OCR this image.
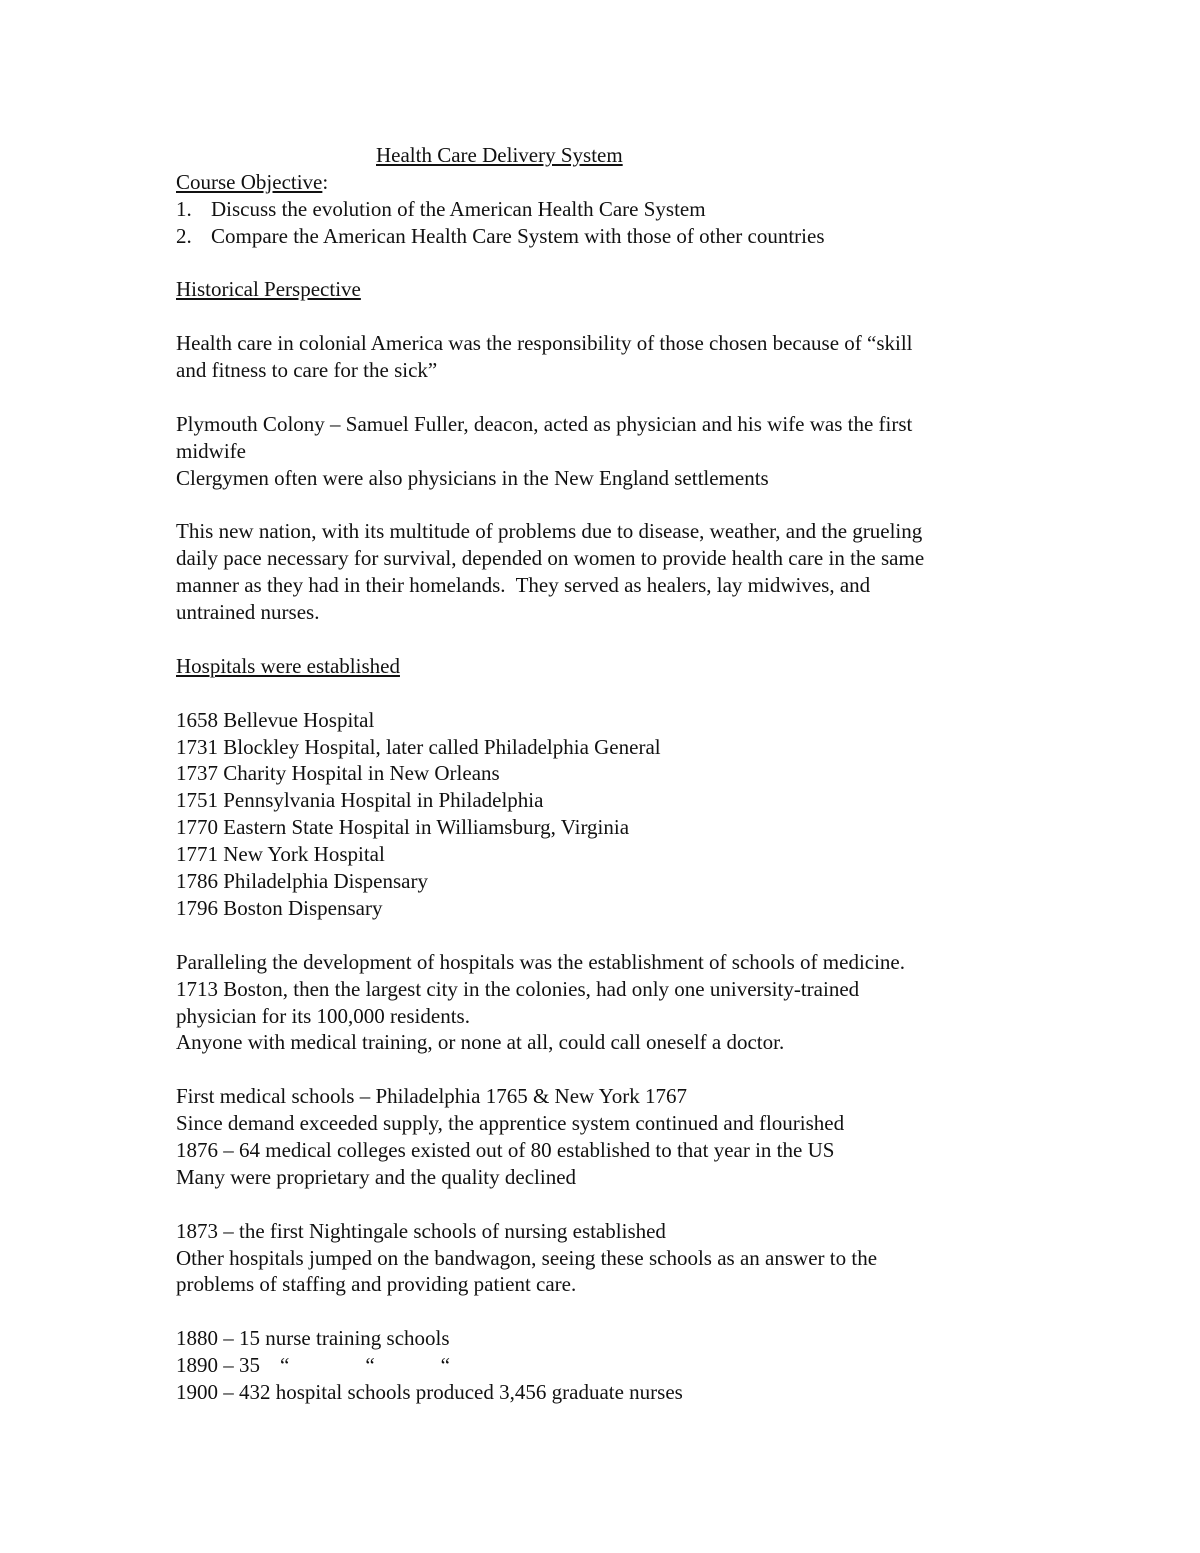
Health Care Delivery System
Course Objective:
1. Discuss the evolution of the American Health Care System
2. Compare the American Health Care System with those of other countries
Historical Perspective
Health care in colonial America was the responsibility of those chosen because of “skill
and fitness to care for the sick”
Plymouth Colony – Samuel Fuller, deacon, acted as physician and his wife was the first
midwife
Clergymen often were also physicians in the New England settlements
This new nation, with its multitude of problems due to disease, weather, and the grueling
daily pace necessary for survival, depended on women to provide health care in the same
manner as they had in their homelands.  They served as healers, lay midwives, and
untrained nurses.
Hospitals were established
1658 Bellevue Hospital
1731 Blockley Hospital, later called Philadelphia General
1737 Charity Hospital in New Orleans
1751 Pennsylvania Hospital in Philadelphia
1770 Eastern State Hospital in Williamsburg, Virginia
1771 New York Hospital
1786 Philadelphia Dispensary
1796 Boston Dispensary
Paralleling the development of hospitals was the establishment of schools of medicine.
1713 Boston, then the largest city in the colonies, had only one university-trained
physician for its 100,000 residents.
Anyone with medical training, or none at all, could call oneself a doctor.
First medical schools – Philadelphia 1765 & New York 1767
Since demand exceeded supply, the apprentice system continued and flourished
1876 – 64 medical colleges existed out of 80 established to that year in the US
Many were proprietary and the quality declined
1873 – the first Nightingale schools of nursing established
Other hospitals jumped on the bandwagon, seeing these schools as an answer to the
problems of staffing and providing patient care.
1880 – 15 nurse training schools
1890 – 35 “	“	“
1900 – 432 hospital schools produced 3,456 graduate nurses
